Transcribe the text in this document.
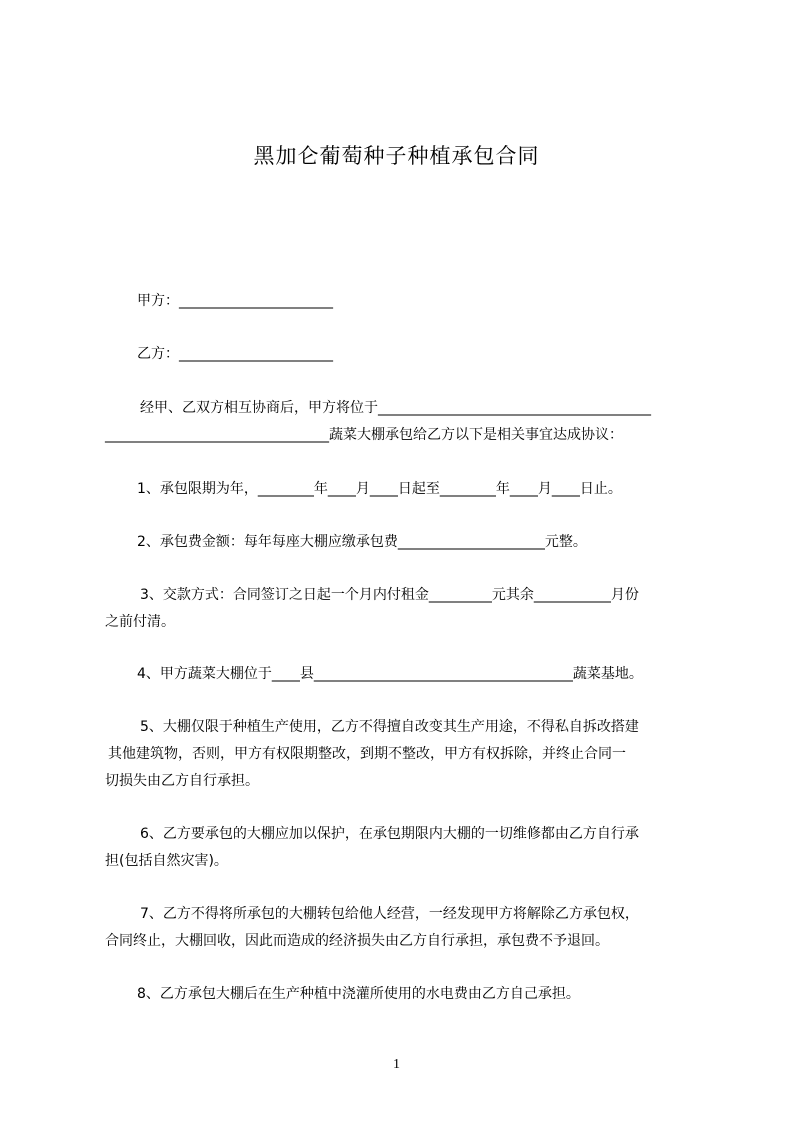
黑加仑葡萄种子种植承包合同

甲方：______________________

乙方：______________________

经甲、乙双方相互协商后，甲方将位于_______________________________________

________________________________蔬菜大棚承包给乙方以下是相关事宜达成协议：

1、承包限期为年，________年____月____日起至________年____月____日止。

2、承包费金额：每年每座大棚应缴承包费_____________________元整。

3、交款方式：合同签订之日起一个月内付租金_________元其余___________月份

之前付清。

4、甲方蔬菜大棚位于____县_____________________________________蔬菜基地。

5、大棚仅限于种植生产使用，乙方不得擅自改变其生产用途，不得私自拆改搭建

其他建筑物，否则，甲方有权限期整改，到期不整改，甲方有权拆除，并终止合同一

切损失由乙方自行承担。

6、乙方要承包的大棚应加以保护，在承包期限内大棚的一切维修都由乙方自行承

担(包括自然灾害)。

7、乙方不得将所承包的大棚转包给他人经营，一经发现甲方将解除乙方承包权，

合同终止，大棚回收，因此而造成的经济损失由乙方自行承担，承包费不予退回。

8、乙方承包大棚后在生产种植中浇灌所使用的水电费由乙方自己承担。

1
